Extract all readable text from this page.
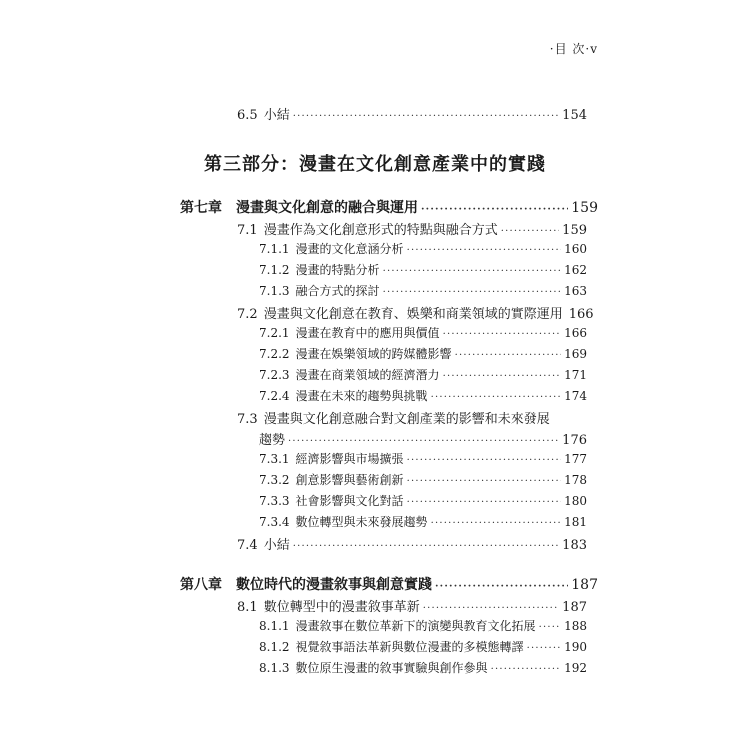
·目 次·v
6.5 小結 ·····	154
第三部分：漫畫在文化創意產業中的實踐
第七章 漫畫與文化創意的融合與運用 ·····	159
7.1 漫畫作為文化創意形式的特點與融合方式 ·····	159
7.1.1 漫畫的文化意涵分析 ·····	160
7.1.2 漫畫的特點分析 ·····	162
7.1.3 融合方式的探討 ·····	163
7.2 漫畫與文化創意在教育、娛樂和商業領域的實際運用 166
7.2.1 漫畫在教育中的應用與價值 ·····	166
7.2.2 漫畫在娛樂領域的跨媒體影響 ·····	169
7.2.3 漫畫在商業領域的經濟潛力 ·····	171
7.2.4 漫畫在未來的趨勢與挑戰 ·····	174
7.3 漫畫與文化創意融合對文創產業的影響和未來發展
趨勢 ·····	176
7.3.1 經濟影響與市場擴張 ·····	177
7.3.2 創意影響與藝術創新 ·····	178
7.3.3 社會影響與文化對話 ·····	180
7.3.4 數位轉型與未來發展趨勢 ·····	181
7.4 小結 ·····	183
第八章 數位時代的漫畫敘事與創意實踐 ·····	187
8.1 數位轉型中的漫畫敘事革新 ·····	187
8.1.1 漫畫敘事在數位革新下的演變與教育文化拓展 ····· 188
8.1.2 視覺敘事語法革新與數位漫畫的多模態轉譯 ·····	190
8.1.3 數位原生漫畫的敘事實驗與創作參與 ·····	192
